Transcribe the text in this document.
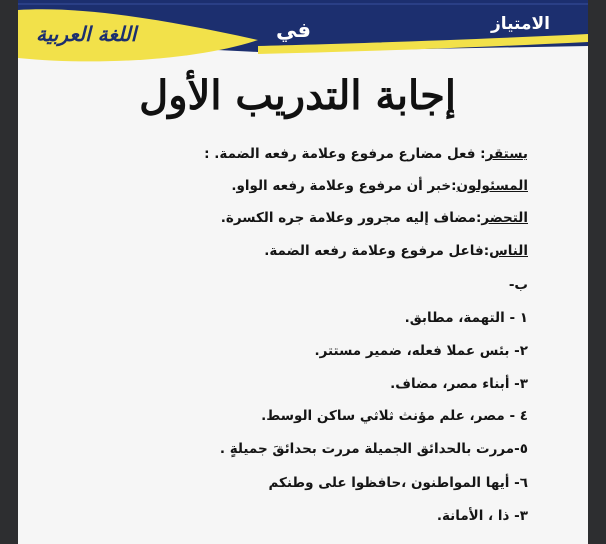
اللغة العربية	في	الامتياز
إجابة التدريب الأول
يستقر: فعل مضارع مرفوع وعلامة رفعه الضمة. :
المسئولون:خبر أن مرفوع وعلامة رفعه الواو.
التحضر:مضاف إليه مجرور وعلامة جره الكسرة.
الناس:فاعل مرفوع وعلامة رفعه الضمة.
ب-
١ - التهمة، مطابق.
٢- بئس عملا فعله، ضمير مستتر.
٣- أبناء مصر، مضاف.
٤ - مصر، علم مؤنث ثلاثي ساكن الوسط.
٥-مررت بالحدائق الجميلة مررت بحدائقَ جميلةٍ .
٦- أيها المواطنون ،حافظوا على وطنكم
٣- ذا ، الأمانة.
